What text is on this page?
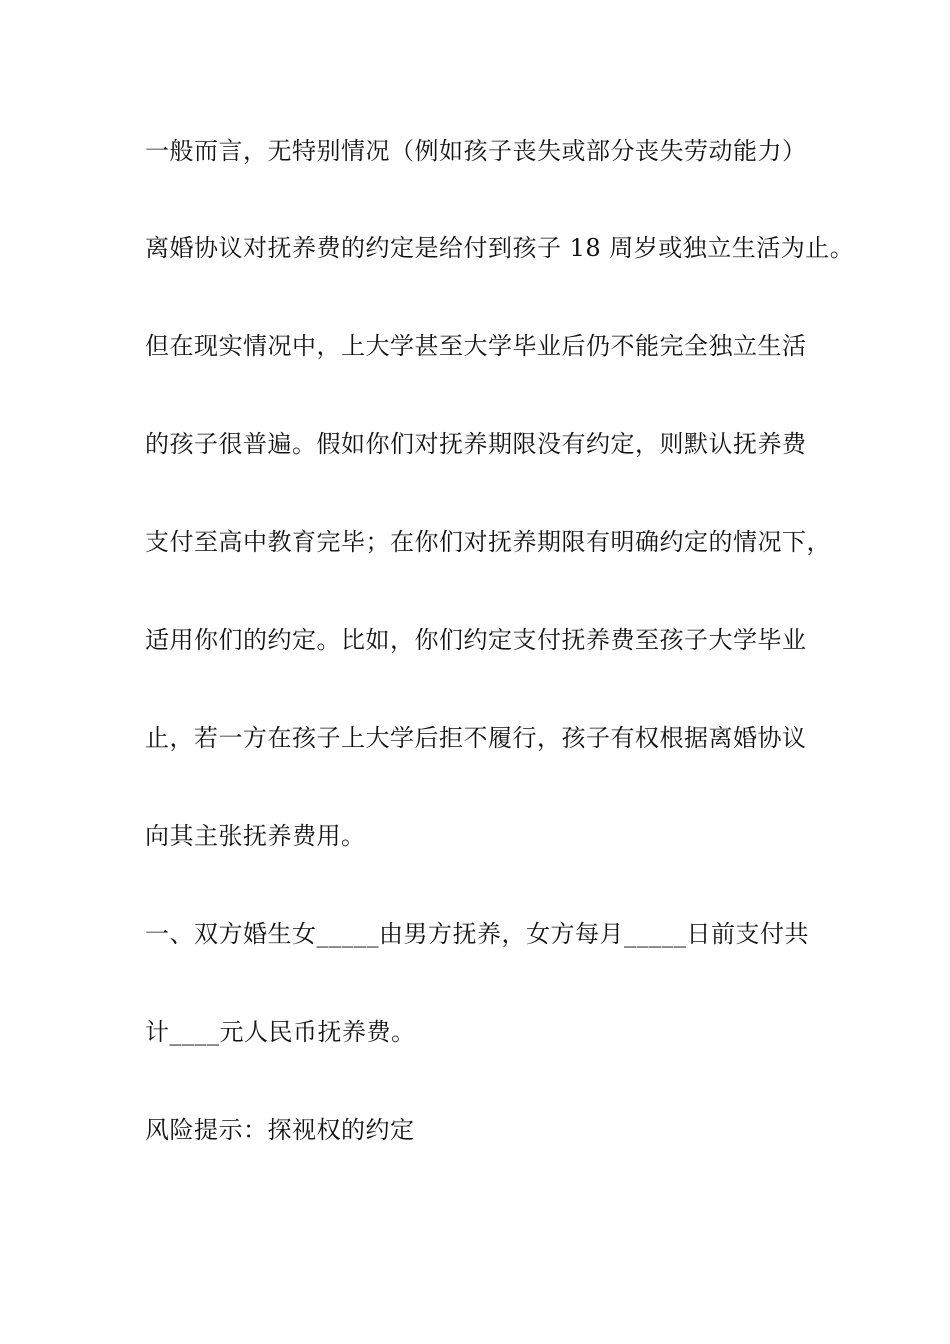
一般而言，无特别情况（例如孩子丧失或部分丧失劳动能力）
离婚协议对抚养费的约定是给付到孩子 18 周岁或独立生活为止。
但在现实情况中，上大学甚至大学毕业后仍不能完全独立生活
的孩子很普遍。假如你们对抚养期限没有约定，则默认抚养费
支付至高中教育完毕；在你们对抚养期限有明确约定的情况下，
适用你们的约定。比如，你们约定支付抚养费至孩子大学毕业
止，若一方在孩子上大学后拒不履行，孩子有权根据离婚协议
向其主张抚养费用。
一、双方婚生女_____由男方抚养，女方每月_____日前支付共
计____元人民币抚养费。
风险提示：探视权的约定
